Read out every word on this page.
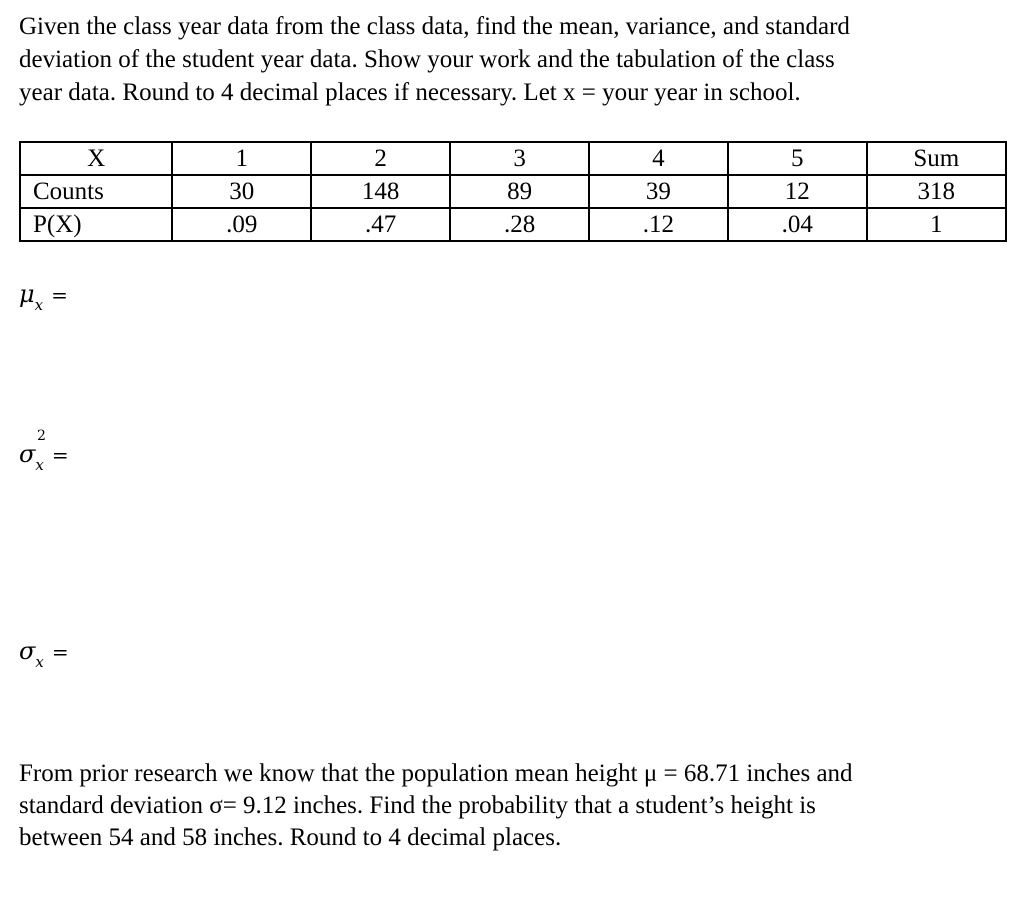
Given the class year data from the class data, find the mean, variance, and standard
deviation of the student year data. Show your work and the tabulation of the class
year data. Round to 4 decimal places if necessary. Let x = your year in school.
X	1	2	3	4	5	Sum
Counts	30	148	89	39	12	318
P(X)	.09	.47	.28	.12	.04	1
$\mu_x$ =
σ
2
$_x$ =
$\sigma_x$ =
From prior research we know that the population mean height μ = 68.71 inches and
standard deviation σ= 9.12 inches. Find the probability that a student’s height is
between 54 and 58 inches. Round to 4 decimal places.
